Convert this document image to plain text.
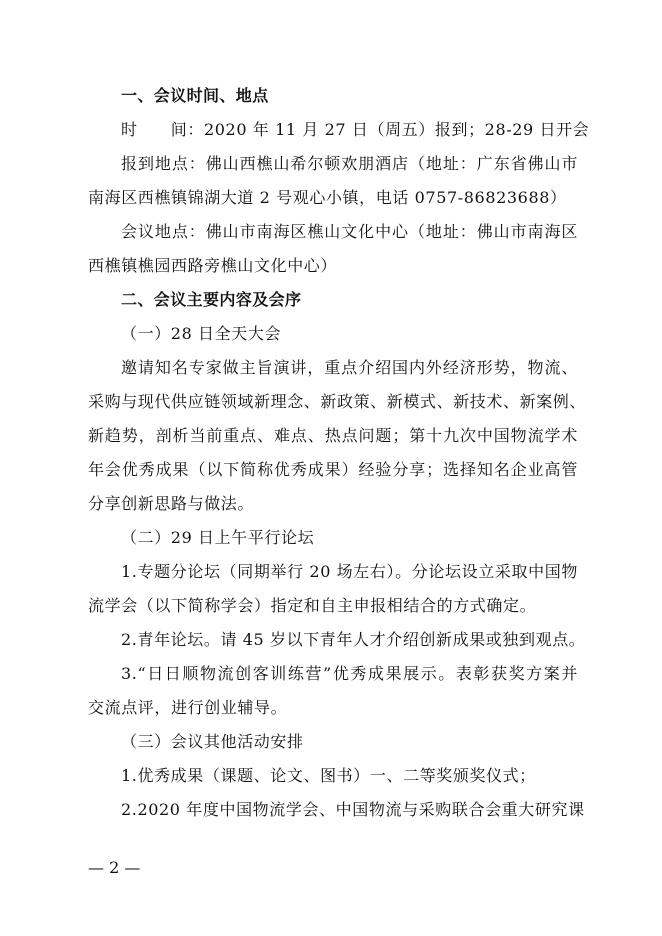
一、会议时间、地点
时　　间：2020 年 11 月 27 日（周五）报到；28-29 日开会
报到地点：佛山西樵山希尔顿欢朋酒店（地址：广东省佛山市
南海区西樵镇锦湖大道 2 号观心小镇，电话 0757-86823688）
会议地点：佛山市南海区樵山文化中心（地址：佛山市南海区
西樵镇樵园西路旁樵山文化中心）
二、会议主要内容及会序
（一）28 日全天大会
邀请知名专家做主旨演讲，重点介绍国内外经济形势，物流、
采购与现代供应链领域新理念、新政策、新模式、新技术、新案例、
新趋势，剖析当前重点、难点、热点问题；第十九次中国物流学术
年会优秀成果（以下简称优秀成果）经验分享；选择知名企业高管
分享创新思路与做法。
（二）29 日上午平行论坛
1.专题分论坛（同期举行 20 场左右）。分论坛设立采取中国物
流学会（以下简称学会）指定和自主申报相结合的方式确定。
2.青年论坛。请 45 岁以下青年人才介绍创新成果或独到观点。
3.“日日顺物流创客训练营”优秀成果展示。表彰获奖方案并
交流点评，进行创业辅导。
（三）会议其他活动安排
1.优秀成果（课题、论文、图书）一、二等奖颁奖仪式；
2.2020 年度中国物流学会、中国物流与采购联合会重大研究课
— 2 —
